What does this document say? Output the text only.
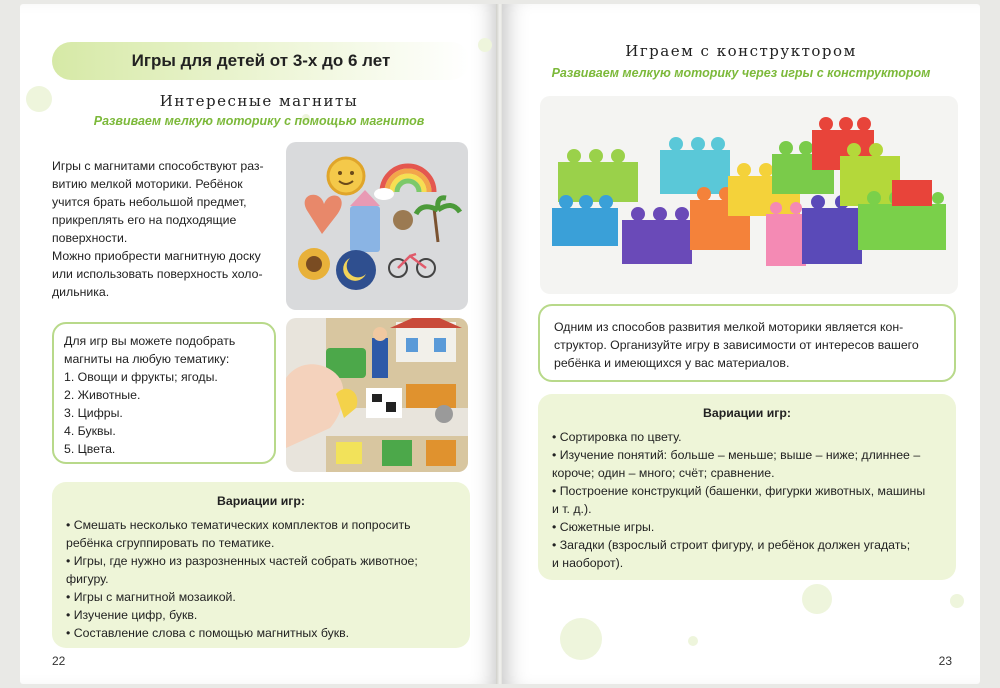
Игры для детей от 3-х до 6 лет
Интересные магниты
Развиваем мелкую моторику с помощью магнитов

Игры с магнитами способствуют раз-

витию мелкой моторики. Ребёнок

учится брать небольшой предмет,

прикреплять его на подходящие

поверхности.

Можно приобрести магнитную доску

или использовать поверхность холо-

дильника.

Для игр вы можете подобрать

магниты на любую тематику:

1. Овощи и фрукты; ягоды.

2. Животные.

3. Цифры.

4. Буквы.

5. Цвета.

Вариации игр:

• Смешать несколько тематических комплектов и попросить

ребёнка сгруппировать по тематике.

• Игры, где нужно из разрозненных частей собрать животное;

фигуру.

• Игры с магнитной мозаикой.

• Изучение цифр, букв.

• Составление слова с помощью магнитных букв.

22
Играем с конструктором
Развиваем мелкую моторику через игры с конструктором

Одним из способов развития мелкой моторики является кон-

структор. Организуйте игру в зависимости от интересов вашего

ребёнка и имеющихся у вас материалов.

Вариации игр:

• Сортировка по цвету.

• Изучение понятий: больше – меньше; выше – ниже; длиннее –

короче; один – много; счёт; сравнение.

• Построение конструкций (башенки, фигурки животных, машины

и т. д.).

• Сюжетные игры.

• Загадки (взрослый строит фигуру, и ребёнок должен угадать;

и наоборот).

23
